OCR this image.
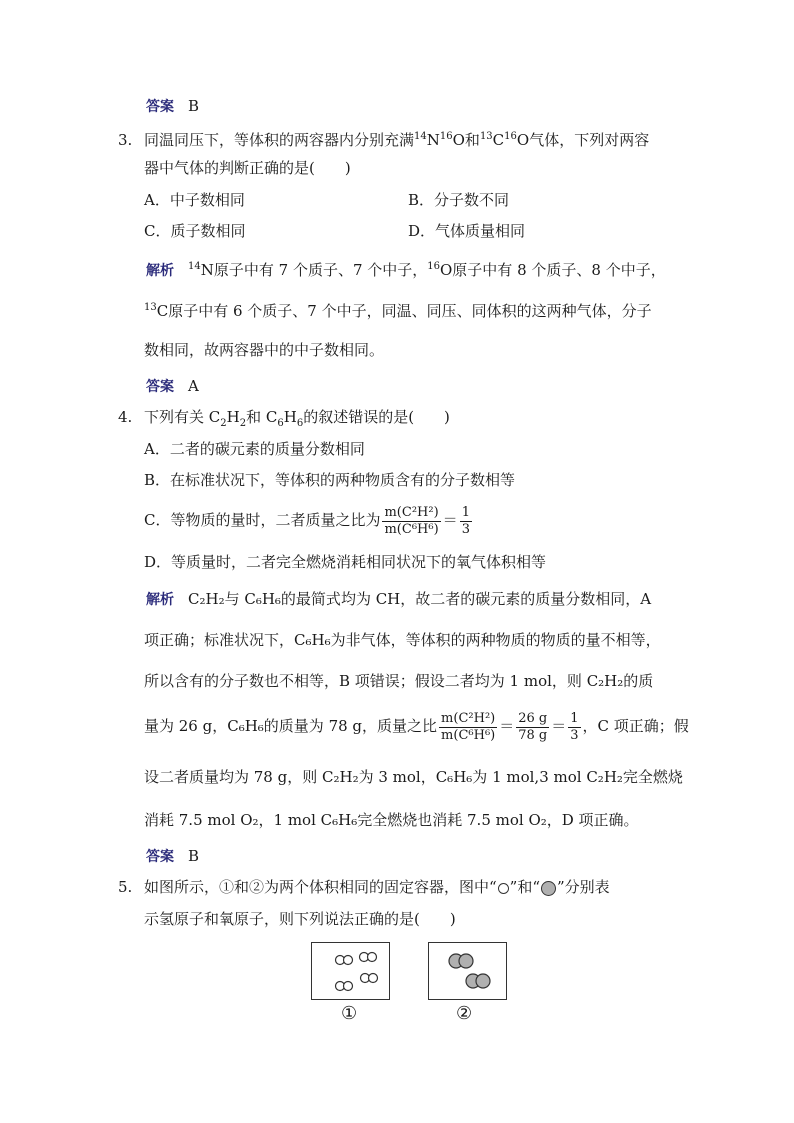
答案 B
3. 同温同压下，等体积的两容器内分别充满$^{14}N^{16}O$和$^{13}C^{16}O$气体，下列对两容
器中气体的判断正确的是(　　)
A．中子数相同	B．分子数不同
C．质子数相同	D．气体质量相同
解析 $^{14}$N原子中有 7 个质子、7 个中子，$^{16}$O原子中有 8 个质子、8 个中子，
$^{13}$C原子中有 6 个质子、7 个中子，同温、同压、同体积的这两种气体，分子
数相同，故两容器中的中子数相同。
答案 A
4. 下列有关 $C_2H_2$和 $C_6H_6$的叙述错误的是(　　)
A．二者的碳元素的质量分数相同
B．在标准状况下，等体积的两种物质含有的分子数相等
C．等物质的量时，二者质量之比为 $\frac{\text{m(C²H²)}}{\text{m(C⁶H⁶)}} = \frac{1}{3}$
D．等质量时，二者完全燃烧消耗相同状况下的氧气体积相等
解析 C₂H₂与 C₆H₆的最简式均为 CH，故二者的碳元素的质量分数相同，A
项正确；标准状况下，C₆H₆为非气体，等体积的两种物质的物质的量不相等，
所以含有的分子数也不相等，B 项错误；假设二者均为 1 mol，则 C₂H₂的质
量为 26 g，C₆H₆的质量为 78 g，质量之比 $\frac{\text{m(C²H²)}}{\text{m(C⁶H⁶)}} = \frac{26 g}{78 g} = \frac{1}{3}$ ，C 项正确；假
设二者质量均为 78 g，则 C₂H₂为 3 mol，C₆H₆为 1 mol,3 mol C₂H₂完全燃烧
消耗 7.5 mol O₂，1 mol C₆H₆完全燃烧也消耗 7.5 mol O₂，D 项正确。
答案 B
5. 如图所示，①和②为两个体积相同的固定容器，图中“ ”和“ ”分别表
示氢原子和氧原子，则下列说法正确的是(　　)
①	②
